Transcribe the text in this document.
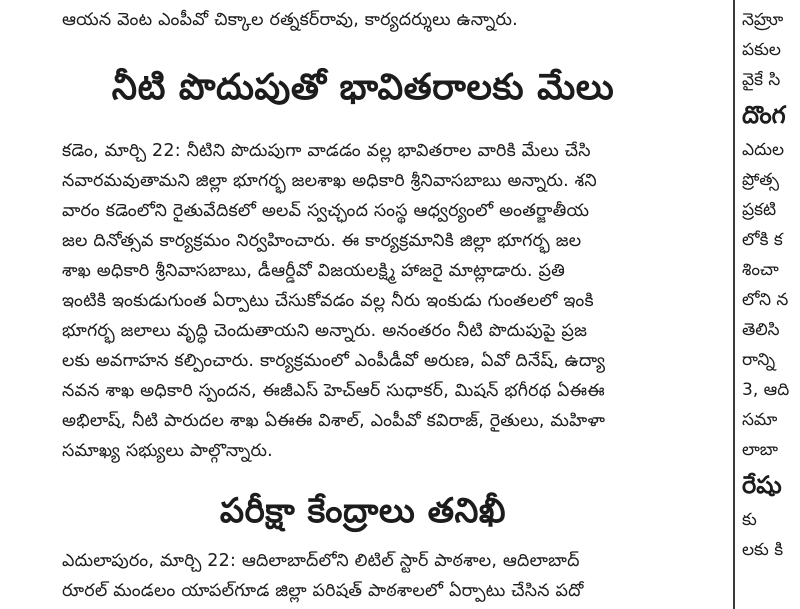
ఆయన వెంట ఎంపీవో చిక్కాల రత్నకర్‌రావు, కార్యదర్శులు ఉన్నారు.

నీటి పొదుపుతో భావితరాలకు మేలు

కడెం, మార్చి 22: నీటిని పొదుపుగా వాడడం వల్ల భావితరాల వారికి మేలు చేసి
నవారమవుతామని జిల్లా భూగర్భ జలశాఖ అధికారి శ్రీనివాసబాబు అన్నారు. శని
వారం కడెంలోని రైతువేదికలో అలవ్ స్వచ్ఛంద సంస్థ ఆధ్వర్యంలో అంతర్జాతీయ
జల దినోత్సవ కార్యక్రమం నిర్వహించారు. ఈ కార్యక్రమానికి జిల్లా భూగర్భ జల
శాఖ అధికారి శ్రీనివాసబాబు, డీఆర్డీవో విజయలక్ష్మి హాజరై మాట్లాడారు. ప్రతి
ఇంటికి ఇంకుడుగుంత ఏర్పాటు చేసుకోవడం వల్ల నీరు ఇంకుడు గుంతలలో ఇంకి
భూగర్భ జలాలు వృద్ధి చెందుతాయని అన్నారు. అనంతరం నీటి పొదుపుపై ప్రజ
లకు అవగాహన కల్పించారు. కార్యక్రమంలో ఎంపీడీవో అరుణ, ఏవో దినేష్, ఉద్యా
నవన శాఖ అధికారి స్పందన, ఈజీఎస్ హెచ్ఆర్ సుధాకర్, మిషన్ భగీరథ ఏఈఈ
అభిలాష్, నీటి పారుదల శాఖ ఏఈఈ విశాల్, ఎంపీవో కవిరాజ్, రైతులు, మహిళా
సమాఖ్య సభ్యులు పాల్గొన్నారు.

పరీక్షా కేంద్రాలు తనిఖీ

ఎదులాపురం, మార్చి 22: ఆదిలాబాద్‌లోని లిటిల్ స్టార్ పాఠశాల, ఆదిలాబాద్
రూరల్ మండలం యాపల్‌గూడ జిల్లా పరిషత్ పాఠశాలలో ఏర్పాటు చేసిన పదో

నెహ్రూ
పకుల
వైకే సి
దొంగ
ఎదుల
ప్రోత్స
ప్రకటి
లోకి క
శించా
లోని న
తెలిసి
రాన్ని
3, ఆది
సమా
లాబా
రేషు
కు
లకు కి
